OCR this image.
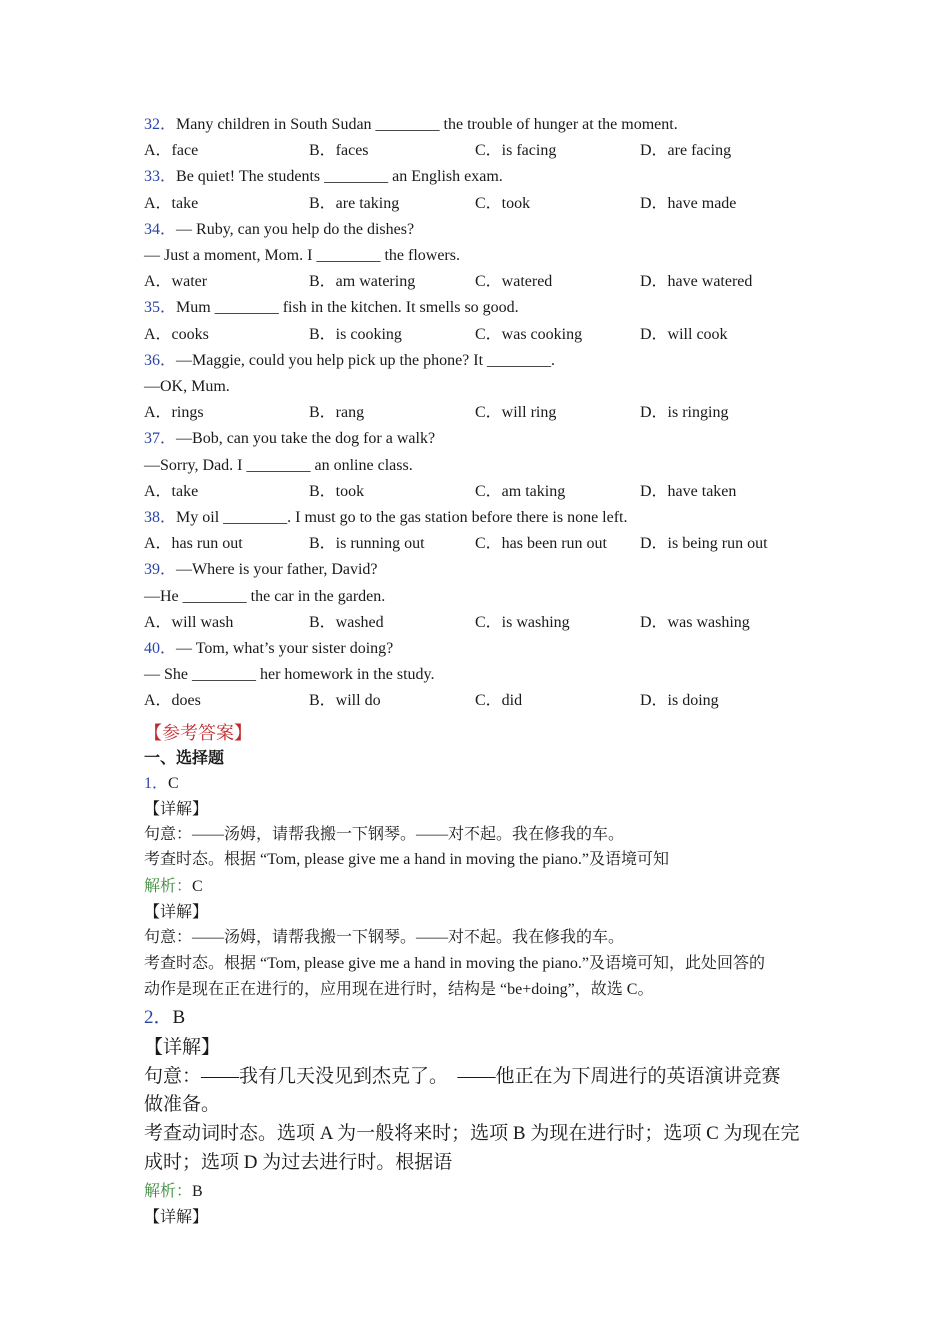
32．Many children in South Sudan ________ the trouble of hunger at the moment.
A．face	B．faces	C．is facing	D．are facing
33．Be quiet! The students ________ an English exam.
A．take	B．are taking	C．took	D．have made
34．— Ruby, can you help do the dishes?
— Just a moment, Mom. I ________ the flowers.
A．water	B．am watering	C．watered	D．have watered
35．Mum ________ fish in the kitchen. It smells so good.
A．cooks	B．is cooking	C．was cooking	D．will cook
36．—Maggie, could you help pick up the phone? It ________.
—OK, Mum.
A．rings	B．rang	C．will ring	D．is ringing
37．—Bob, can you take the dog for a walk?
—Sorry, Dad. I ________ an online class.
A．take	B．took	C．am taking	D．have taken
38．My oil ________. I must go to the gas station before there is none left.
A．has run out	B．is running out	C．has been run out D．is being run out
39．—Where is your father, David?
—He ________ the car in the garden.
A．will wash	B．washed	C．is washing	D．was washing
40．— Tom, what’s your sister doing?
— She ________ her homework in the study.
A．does	B．will do	C．did	D．is doing
【参考答案】
一、选择题
1．C
【详解】
句意：——汤姆，请帮我搬一下钢琴。——对不起。我在修我的车。
考查时态。根据 “Tom, please give me a hand in moving the piano.”及语境可知
解析：C
【详解】
句意：——汤姆，请帮我搬一下钢琴。——对不起。我在修我的车。
考查时态。根据 “Tom, please give me a hand in moving the piano.”及语境可知，此处回答的
动作是现在正在进行的，应用现在进行时，结构是 “be+doing”，故选 C。
2．B
【详解】
句意：——我有几天没见到杰克了。　——他正在为下周进行的英语演讲竞赛
做准备。
考查动词时态。选项 A 为一般将来时；选项 B 为现在进行时；选项 C 为现在完
成时；选项 D 为过去进行时。根据语
解析：B
【详解】
